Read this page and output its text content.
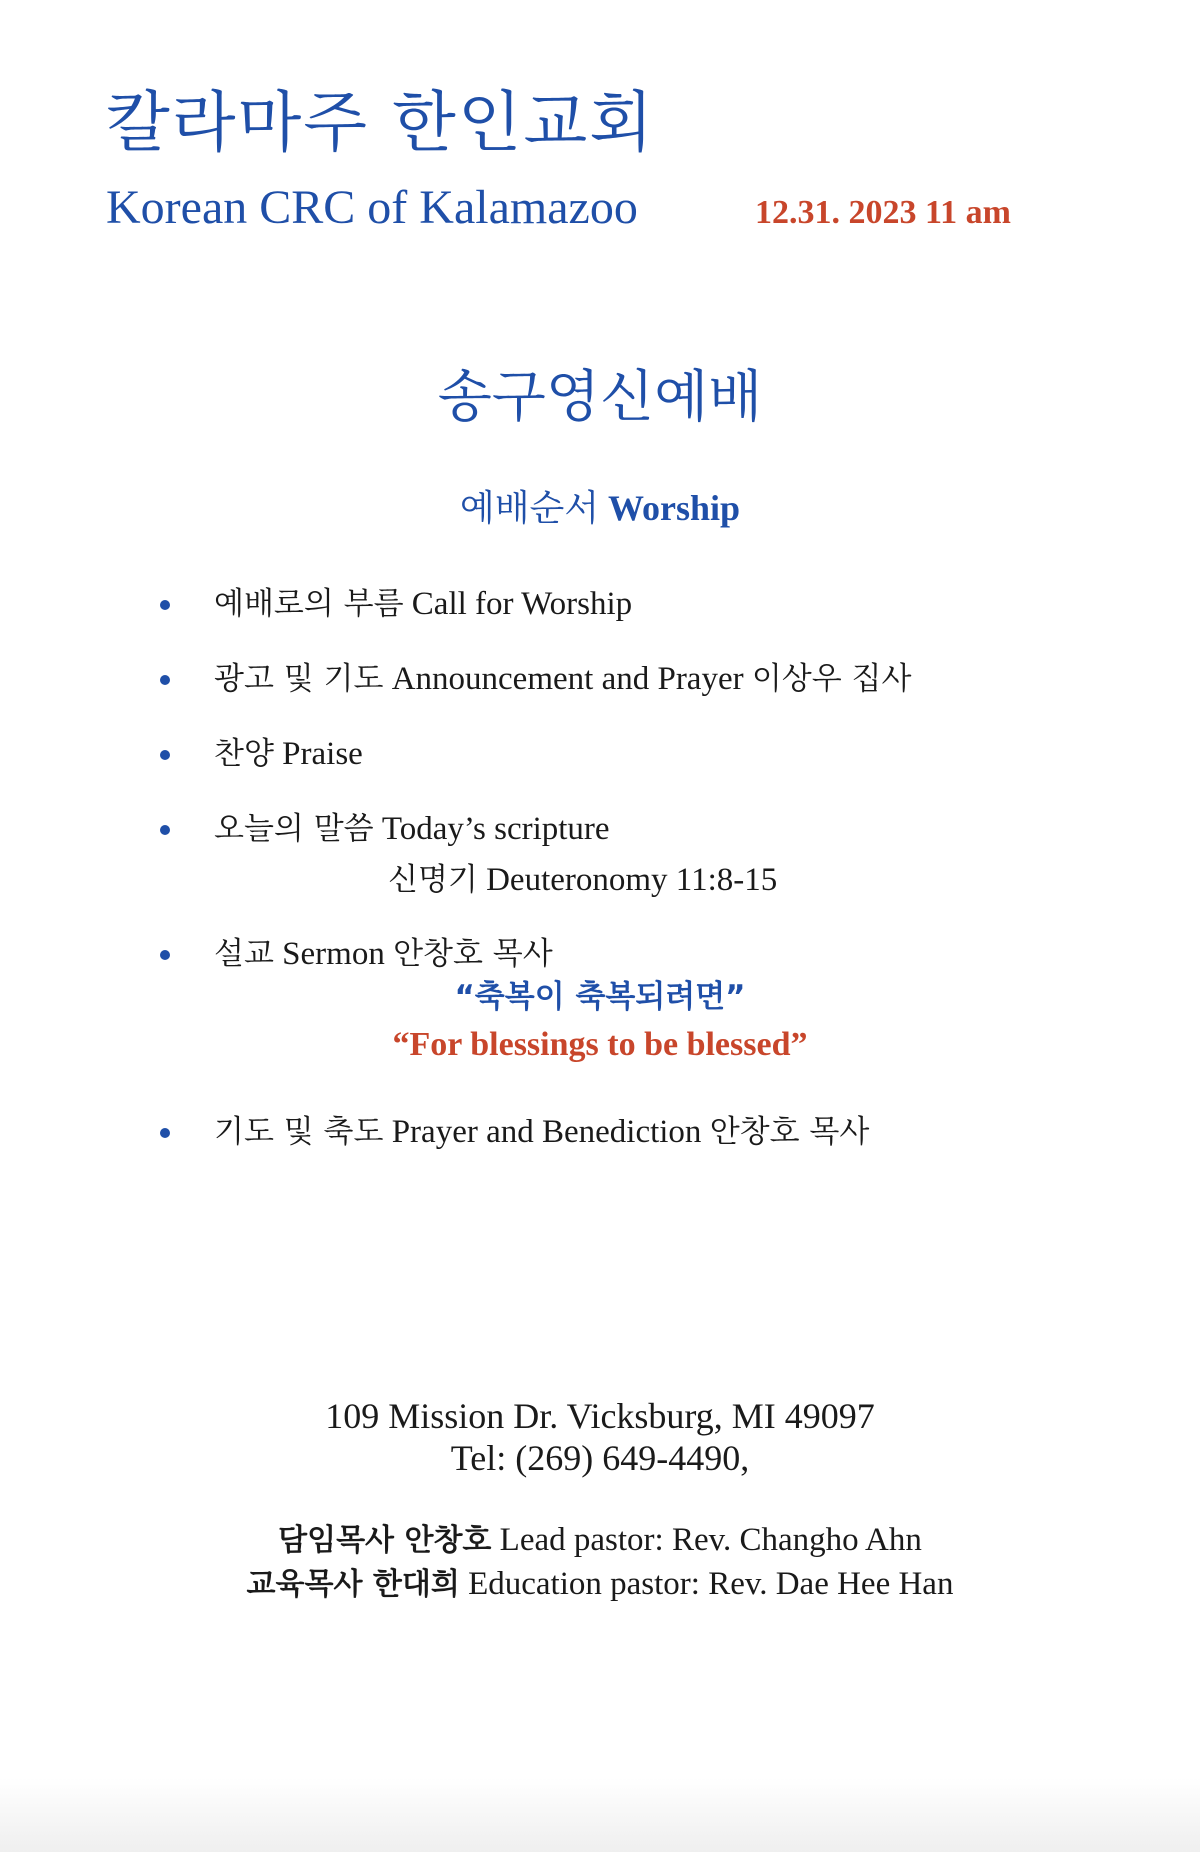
칼라마주 한인교회
Korean CRC of Kalamazoo	12.31. 2023 11 am
송구영신예배
예배순서 Worship
예배로의 부름 Call for Worship
광고 및 기도 Announcement and Prayer 이상우 집사
찬양 Praise
오늘의 말씀 Today’s scripture
신명기 Deuteronomy 11:8-15
설교 Sermon 안창호 목사
“축복이 축복되려면”
“For blessings to be blessed”
기도 및 축도 Prayer and Benediction 안창호 목사
109 Mission Dr. Vicksburg, MI 49097
Tel: (269) 649-4490,
담임목사 안창호 Lead pastor: Rev. Changho Ahn
교육목사 한대희 Education pastor: Rev. Dae Hee Han
